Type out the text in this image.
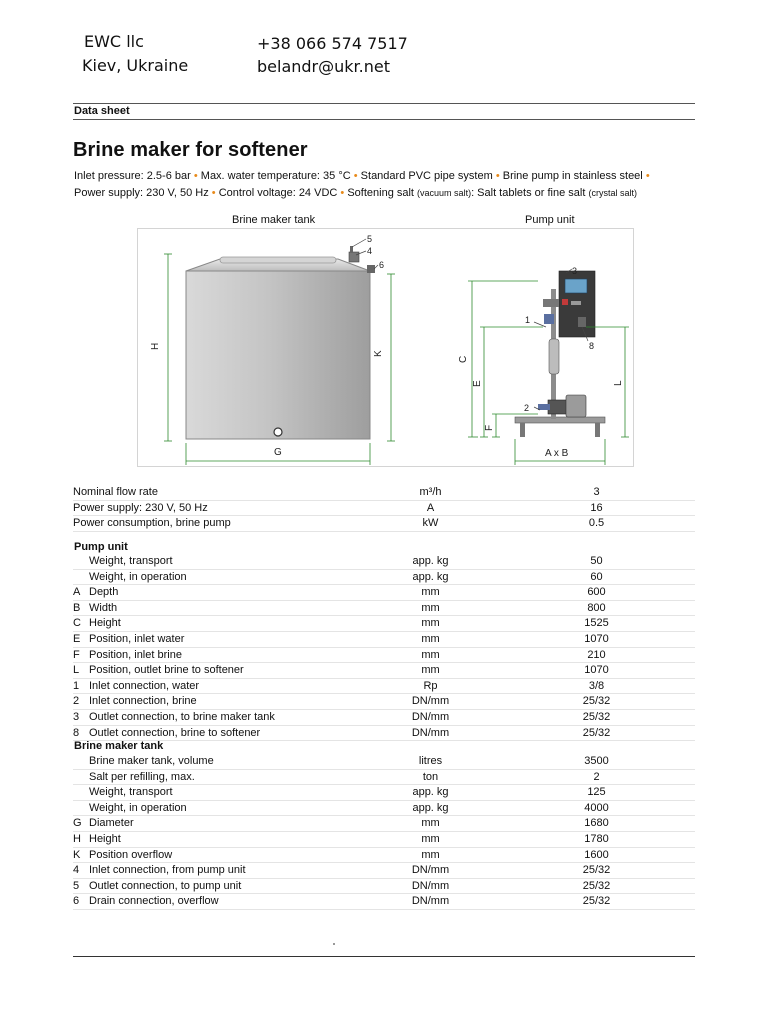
EWC llc
Kiev, Ukraine
+38 066 574 7517
belandr@ukr.net
Data sheet
Brine maker for softener
Inlet pressure: 2.5-6 bar • Max. water temperature: 35 °C • Standard PVC pipe system • Brine pump in stainless steel •
Power supply: 230 V, 50 Hz • Control voltage: 24 VDC • Softening salt (vacuum salt): Salt tablets or fine salt (crystal salt)
Brine maker tank	Pump unit
H
K
G
5
4
6
C
E
F
L
A x B
1
2
3
8
Nominal flow rate	m³/h	3
Power supply: 230 V, 50 Hz	A	16
Power consumption, brine pump	kW	0.5
Pump unit
Weight, transport	app. kg	50
Weight, in operation	app. kg	60
A Depth	mm	600
B Width	mm	800
C Height	mm	1525
E Position, inlet water	mm	1070
F Position, inlet brine	mm	210
L Position, outlet brine to softener	mm	1070
1 Inlet connection, water	Rp	3/8
2 Inlet connection, brine	DN/mm	25/32
3 Outlet connection, to brine maker tank	DN/mm	25/32
8 Outlet connection, brine to softener	DN/mm	25/32
Brine maker tank
Brine maker tank, volume	litres	3500
Salt per refilling, max.	ton	2
Weight, transport	app. kg	125
Weight, in operation	app. kg	4000
G Diameter	mm	1680
H Height	mm	1780
K Position overflow	mm	1600
4 Inlet connection, from pump unit	DN/mm	25/32
5 Outlet connection, to pump unit	DN/mm	25/32
6 Drain connection, overflow	DN/mm	25/32
